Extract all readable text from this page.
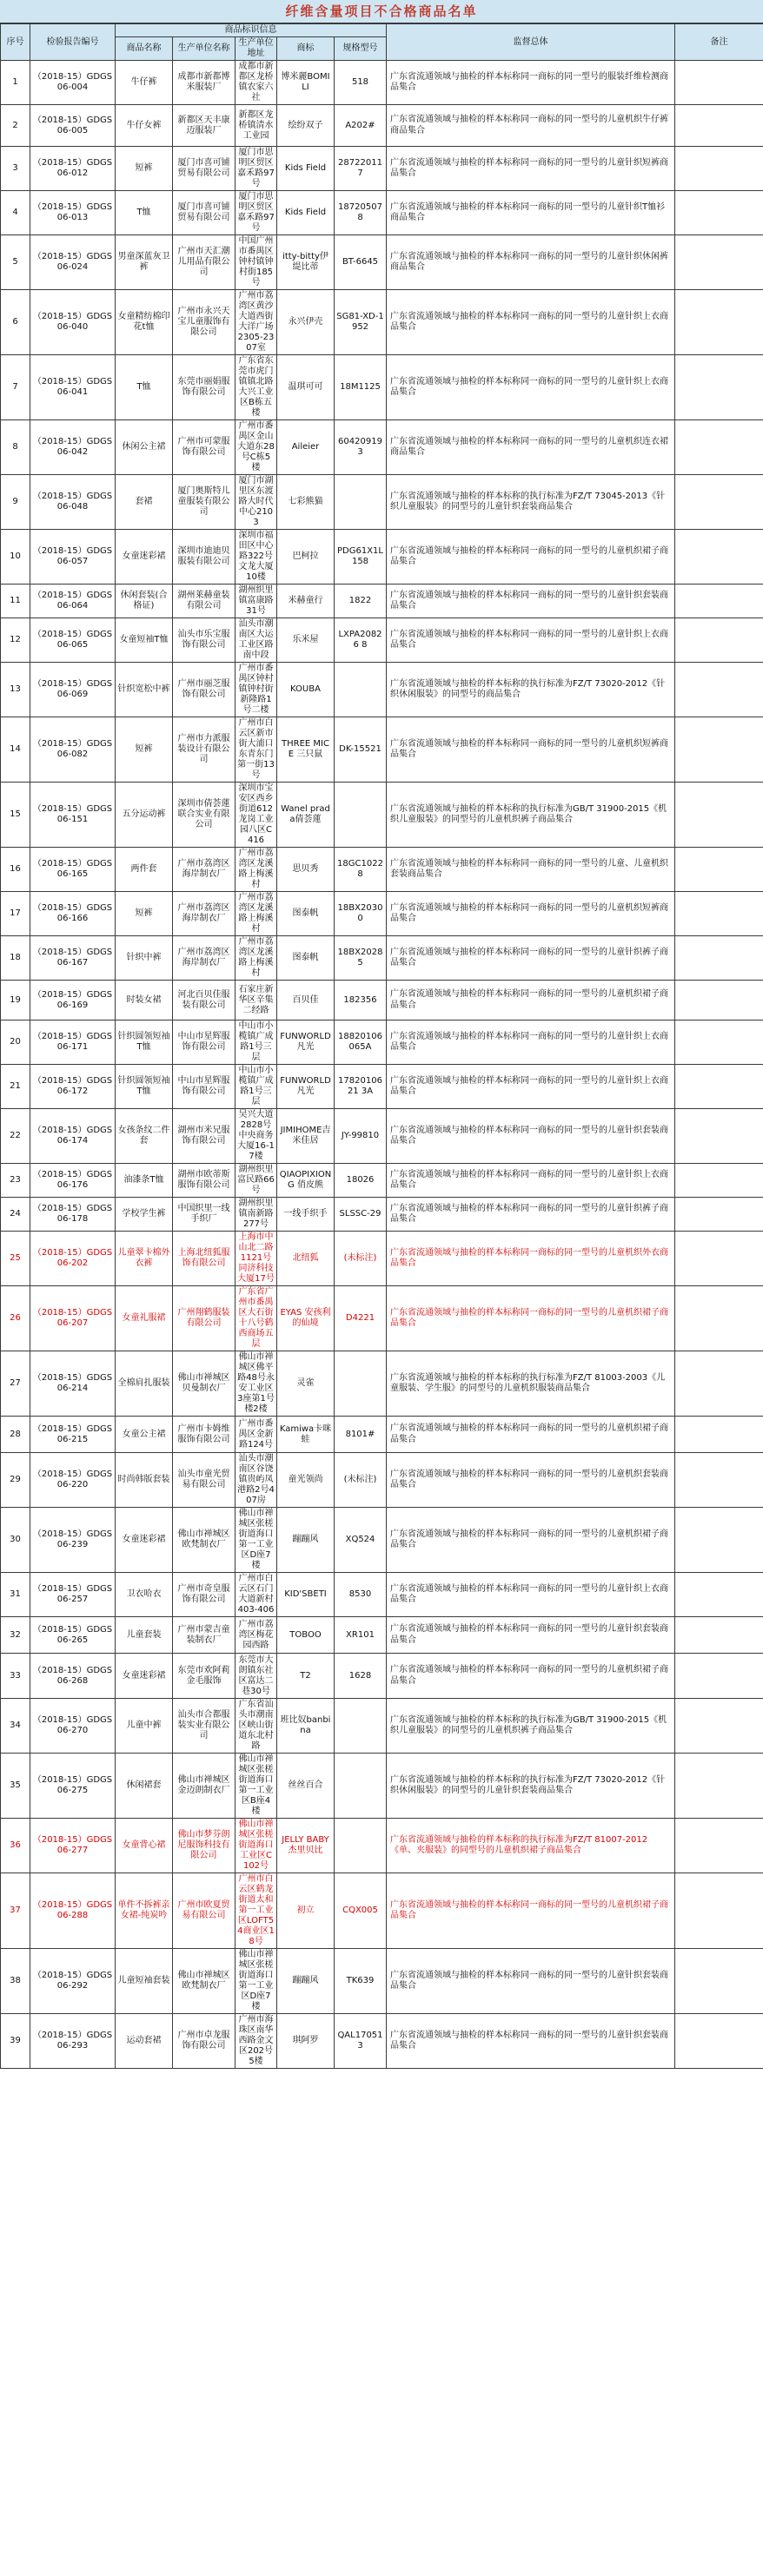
纤维含量项目不合格商品名单
序号	检验报告编号	商品标识信息					监督总体	备注
		商品名称	生产单位名称	生产单位地址	商标	规格型号		
1	（2018-15）GDGS06-004	牛仔裤	成都市新都博米服装厂	成都市新都区龙桥镇农家六社	博米麗BOMILI	518	广东省流通领域与抽检的样本标称同一商标的同一型号的服装纤维检测商品集合	
2	（2018-15）GDGS06-005	牛仔女裤	新都区天丰康迈服装厂	新都区龙桥镇清水工业园	绘纷双子	A202#	广东省流通领域与抽检的样本标称同一商标的同一型号的儿童机织牛仔裤商品集合	
3	（2018-15）GDGS06-012	短裤	厦门市喜可铺贸易有限公司	厦门市思明区贸区嘉禾路97号	Kids Field	287220117	广东省流通领域与抽检的样本标称同一商标的同一型号的儿童针织短裤商品集合	
4	（2018-15）GDGS06-013	T恤	厦门市喜可铺贸易有限公司	厦门市思明区贸区嘉禾路97号	Kids Field	187205078	广东省流通领域与抽检的样本标称同一商标的同一型号的儿童针织T恤衫商品集合	
5	（2018-15）GDGS06-024	男童深蓝灰卫裤	广州市天汇潮儿用品有限公司	中国广州市番禺区钟村镇钟村街185号	itty-bitty伊缇比蒂	BT-6645	广东省流通领域与抽检的样本标称同一商标的同一型号的儿童针织休闲裤商品集合	
6	（2018-15）GDGS06-040	女童精纺棉印花t恤	广州市永兴天宝儿童服饰有限公司	广州市荔湾区黄沙大道西街大洋广场2305-2307室	永兴伊壳	SG81-XD-1952	广东省流通领域与抽检的样本标称同一商标的同一型号的儿童针织上衣商品集合	
7	（2018-15）GDGS06-041	T恤	东莞市丽娟服饰有限公司	广东省东莞市虎门镇镇北路大兴工业区B栋五楼	温琪可可	18M1125	广东省流通领域与抽检的样本标称同一商标的同一型号的儿童针织上衣商品集合	
8	（2018-15）GDGS06-042	休闲公主裙	广州市可蒙服饰有限公司	广州市番禺区金山大道东28号C栋5楼	Aileier	604209193	广东省流通领域与抽检的样本标称同一商标的同一型号的儿童机织连衣裙商品集合	
9	（2018-15）GDGS06-048	套裙	厦门奥斯特儿童服装有限公司	厦门市湖里区东渡路大时代中心2103	七彩熊猫		广东省流通领域与抽检的样本标称的执行标准为FZ/T 73045-2013《针织儿童服装》的同型号的儿童针织套装商品集合	
10	（2018-15）GDGS06-057	女童迷彩裙	深圳市迪迪贝服装有限公司	深圳市福田区中心路322号文龙大厦10楼	巴柯拉	PDG61X1L158	广东省流通领域与抽检的样本标称同一商标的同一型号的儿童机织裙子商品集合	
11	（2018-15）GDGS06-064	休闲套装(合格证)	湖州莱赫童装有限公司	湖州织里镇富康路31号	米赫童行	1822	广东省流通领域与抽检的样本标称同一商标的同一型号的儿童针织套装商品集合	
12	（2018-15）GDGS06-065	女童短袖T恤	汕头市乐宝服饰有限公司	汕头市潮南区大运工业区路南中段	乐米屋	LXPA20826 8	广东省流通领域与抽检的样本标称同一商标的同一型号的儿童针织上衣商品集合	
13	（2018-15）GDGS06-069	针织宽松中裤	广州市丽芝服饰有限公司	广州市番禺区钟村镇钟村街新隆路1号二楼	KOUBA		广东省流通领域与抽检的样本标称的执行标准为FZ/T 73020-2012《针织休闲服装》的同型号的商品集合	
14	（2018-15）GDGS06-082	短裤	广州市力派服装设计有限公司	广州市白云区新市街大浦口东青东门第一街13号	THREE MICE 三只鼠	DK-15521	广东省流通领域与抽检的样本标称同一商标的同一型号的儿童机织短裤商品集合	
15	（2018-15）GDGS06-151	五分运动裤	深圳市倩荟蓮联合实业有限公司	深圳市宝安区西乡街道612龙岗工业园八区C416	Wanel prada倩荟蓮		广东省流通领域与抽检的样本标称的执行标准为GB/T 31900-2015《机织儿童服装》的同型号的儿童机织裤子商品集合	
16	（2018-15）GDGS06-165	两件套	广州市荔湾区海岸制衣厂	广州市荔湾区龙溪路上梅溪村	思贝秀	18GC10228	广东省流通领域与抽检的样本标称同一商标的同一型号的儿童、儿童机织套装商品集合	
17	（2018-15）GDGS06-166	短裤	广州市荔湾区海岸制衣厂	广州市荔湾区龙溪路上梅溪村	图泰帆	18BX20300	广东省流通领域与抽检的样本标称同一商标的同一型号的儿童机织短裤商品集合	
18	（2018-15）GDGS06-167	针织中裤	广州市荔湾区海岸制衣厂	广州市荔湾区龙溪路上梅溪村	图泰帆	18BX20285	广东省流通领域与抽检的样本标称同一商标的同一型号的儿童针织裤子商品集合	
19	（2018-15）GDGS06-169	时装女裙	河北百贝佳服装有限公司	石家庄新华区辛集二经路	百贝佳	182356	广东省流通领域与抽检的样本标称同一商标的同一型号的儿童机织裙子商品集合	
20	（2018-15）GDGS06-171	针织圆领短袖T恤	中山市星辉服饰有限公司	中山市小榄镇广成路1号三层	FUNWORLD凡光	18820106065A	广东省流通领域与抽检的样本标称同一商标的同一型号的儿童针织上衣商品集合	
21	（2018-15）GDGS06-172	针织圆领短袖T恤	中山市星辉服饰有限公司	中山市小榄镇广成路1号三层	FUNWORLD凡光	1782010621 3A	广东省流通领域与抽检的样本标称同一商标的同一型号的儿童针织上衣商品集合	
22	（2018-15）GDGS06-174	女孩条纹二件套	湖州市米兄服饰有限公司	吴兴大道2828号中央商务大厦16-17楼	JIMIHOME吉米佳居	JY-99810	广东省流通领域与抽检的样本标称同一商标的同一型号的儿童针织套装商品集合	
23	（2018-15）GDGS06-176	油漆条T恤	湖州市欧蒂斯服饰有限公司	湖州织里富民路66号	QIAOPIXIONG 俏皮熊	18026	广东省流通领域与抽检的样本标称同一商标的同一型号的儿童针织上衣商品集合	
24	（2018-15）GDGS06-178	学校学生裤	中国织里一线手织厂	湖州织里镇南新路277号	一线手织手	SLSSC-29	广东省流通领域与抽检的样本标称同一商标的同一型号的儿童针织裤子商品集合	
25	（2018-15）GDGS06-202	儿童翠卡棉外衣裤	上海北纽狐服饰有限公司	上海市中山北二路1121号同济科技大厦17号	北纽狐	(未标注)	广东省流通领域与抽检的样本标称同一商标的同一型号的儿童机织外衣商品集合	
26	（2018-15）GDGS06-207	女童礼服裙	广州翔鹤服装有限公司	广东省广州市番禺区大石街十八号鹤西商场五层	EYAS 安孩利的仙境	D4221	广东省流通领域与抽检的样本标称同一商标的同一型号的儿童机织裙子商品集合	
27	（2018-15）GDGS06-214	全棉肩扎服装	佛山市禅城区贝曼制衣厂	佛山市禅城区佛平路48号永安工业区3座第1号楼2楼	灵雀		广东省流通领域与抽检的样本标称的执行标准为FZ/T 81003-2003《儿童服装、学生服》的同型号的儿童机织服装商品集合	
28	（2018-15）GDGS06-215	女童公主裙	广州市卡姆维服饰有限公司	广州市番禺区金新路124号	Kamiwa卡咪蛙	8101#	广东省流通领域与抽检的样本标称同一商标的同一型号的儿童机织裙子商品集合	
29	（2018-15）GDGS06-220	时尚韩版套装	汕头市童光贸易有限公司	汕头市潮南区谷饶镇贵屿凤港路2号407房	童光领尚	(未标注)	广东省流通领域与抽检的样本标称同一商标的同一型号的儿童机织套装商品集合	
30	（2018-15）GDGS06-239	女童迷彩裙	佛山市禅城区欧梵制衣厂	佛山市禅城区张槎街道海口第一工业区D座7楼	蹦蹦风	XQ524	广东省流通领域与抽检的样本标称同一商标的同一型号的儿童机织裙子商品集合	
31	（2018-15）GDGS06-257	卫衣哈衣	广州市奇皇服饰有限公司	广州市白云区石门大道新村403-406	KID'SBETI	8530	广东省流通领域与抽检的样本标称同一商标的同一型号的儿童针织上衣商品集合	
32	（2018-15）GDGS06-265	儿童套装	广州市蒙吉童装制衣厂	广州市荔湾区梅花园西路	TOBOO	XR101	广东省流通领域与抽检的样本标称同一商标的同一型号的儿童针织套装商品集合	
33	（2018-15）GDGS06-268	女童迷彩裙	东莞市欢阿莉金毛服饰	东莞市大朗镇东社区富达二巷30号	T2	1628	广东省流通领域与抽检的样本标称同一商标的同一型号的儿童机织裙子商品集合	
34	（2018-15）GDGS06-270	儿童中裤	汕头市合都服装实业有限公司	广东省汕头市潮南区峡山街道东北村路	班比奴banbina		广东省流通领域与抽检的样本标称的执行标准为GB/T 31900-2015《机织儿童服装》的同型号的儿童机织裤子商品集合	
35	（2018-15）GDGS06-275	休闲裙套	佛山市禅城区金迈朗制衣厂	佛山市禅城区张槎街道海口第一工业区B座4楼	丝丝百合		广东省流通领域与抽检的样本标称的执行标准为FZ/T 73020-2012《针织休闲服装》的同型号的儿童针织套装商品集合	
36	（2018-15）GDGS06-277	女童背心裙	佛山市梦芬朗尼服饰科技有限公司	佛山市禅城区张槎街道海口工业区C102号	JELLY BABY杰里贝比		广东省流通领域与抽检的样本标称的执行标准为FZ/T 81007-2012《单、夹服装》的同型号的儿童机织裙子商品集合	
37	（2018-15）GDGS06-288	单件不拆裤亲女裙-纯炭吟	广州市欧夏贸易有限公司	广州市白云区鹤龙街道太和第一工业区LOFT54商业区18号	初立	CQX005	广东省流通领域与抽检的样本标称同一商标的同一型号的儿童机织裙子商品集合	
38	（2018-15）GDGS06-292	儿童短袖套装	佛山市禅城区欧梵制衣厂	佛山市禅城区张槎街道海口第一工业区D座7楼	蹦蹦风	TK639	广东省流通领域与抽检的样本标称同一商标的同一型号的儿童针织套装商品集合	
39	（2018-15）GDGS06-293	运动套裙	广州市卓龙服饰有限公司	广州市海珠区南华西路金文区202号5楼	琪阿罗	QAL170513	广东省流通领域与抽检的样本标称同一商标的同一型号的儿童针织套装商品集合	
